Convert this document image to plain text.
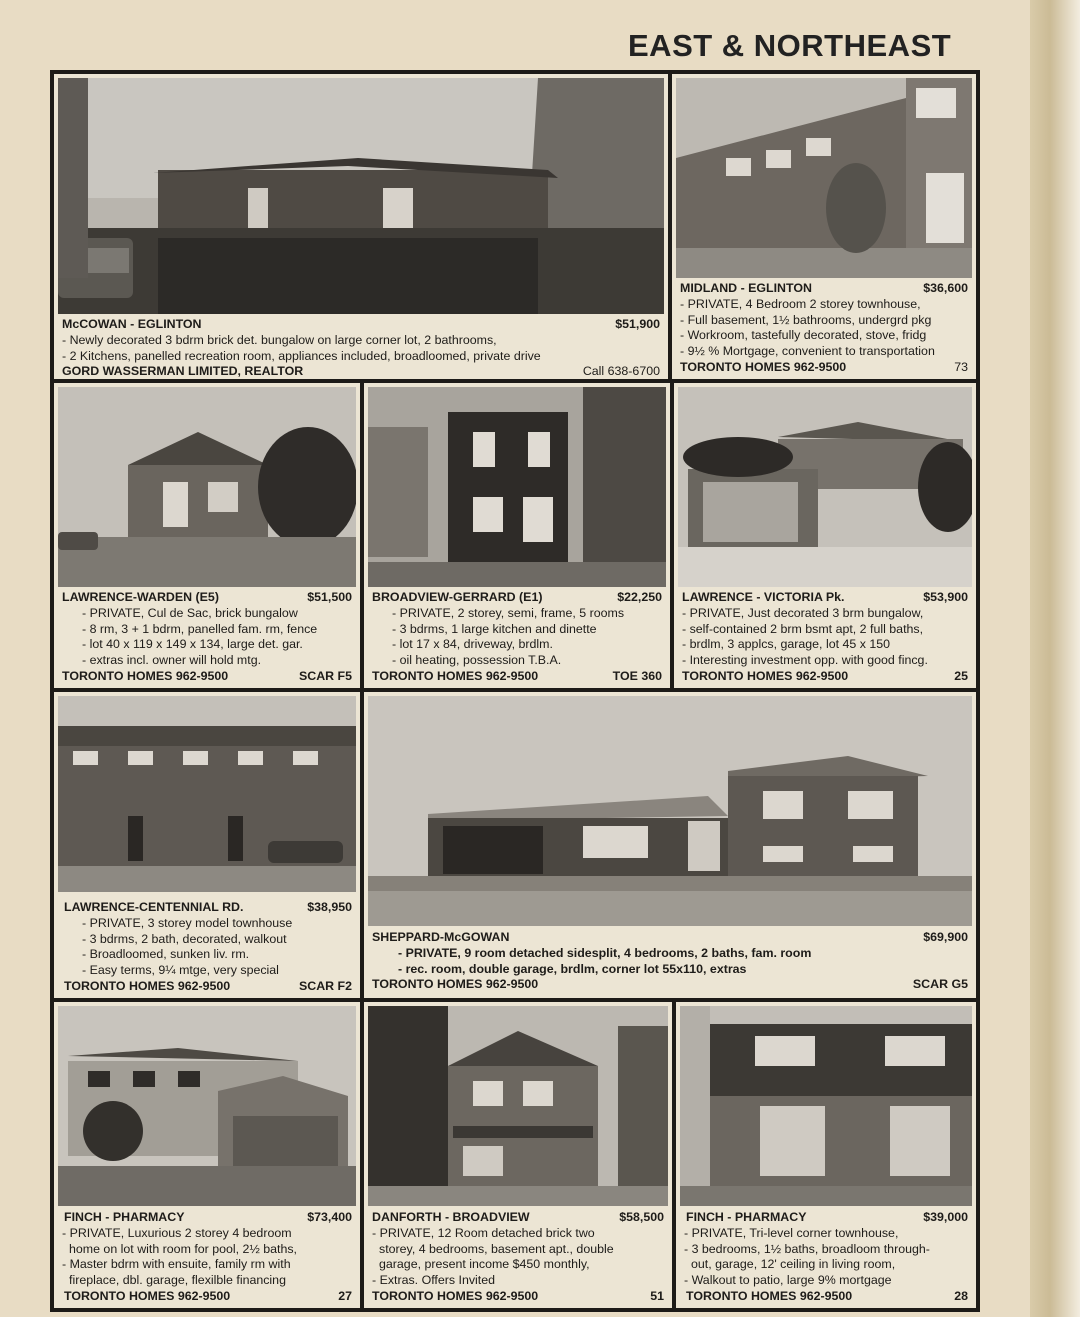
EAST & NORTHEAST
McCOWAN - EGLINTON	$51,900
- Newly decorated 3 bdrm brick det. bungalow on large corner lot, 2 bathrooms,
- 2 Kitchens, panelled recreation room, appliances included, broadloomed, private drive
GORD WASSERMAN LIMITED, REALTOR	Call 638-6700
MIDLAND - EGLINTON	$36,600
- PRIVATE, 4 Bedroom 2 storey townhouse,
- Full basement, 1½ bathrooms, undergrd pkg
- Workroom, tastefully decorated, stove, fridg
- 9½ % Mortgage, convenient to transportation
TORONTO HOMES 962-9500	73
LAWRENCE-WARDEN (E5)	$51,500
- PRIVATE, Cul de Sac, brick bungalow
- 8 rm, 3 + 1 bdrm, panelled fam. rm, fence
- lot 40 x 119 x 149 x 134, large det. gar.
- extras incl. owner will hold mtg.
TORONTO HOMES 962-9500	SCAR F5
BROADVIEW-GERRARD (E1)	$22,250
- PRIVATE, 2 storey, semi, frame, 5 rooms
- 3 bdrms, 1 large kitchen and dinette
- lot 17 x 84, driveway, brdlm.
- oil heating, possession T.B.A.
TORONTO HOMES 962-9500	TOE 360
LAWRENCE - VICTORIA Pk.	$53,900
- PRIVATE, Just decorated 3 brm bungalow,
- self-contained 2 brm bsmt apt, 2 full baths,
- brdlm, 3 applcs, garage, lot 45 x 150
- Interesting investment opp. with good fincg.
TORONTO HOMES 962-9500	25
LAWRENCE-CENTENNIAL RD.	$38,950
- PRIVATE, 3 storey model townhouse
- 3 bdrms, 2 bath, decorated, walkout
- Broadloomed, sunken liv. rm.
- Easy terms, 9¼ mtge, very special
TORONTO HOMES 962-9500	SCAR F2
SHEPPARD-McGOWAN	$69,900
- PRIVATE, 9 room detached sidesplit, 4 bedrooms, 2 baths, fam. room
- rec. room, double garage, brdlm, corner lot 55x110, extras
TORONTO HOMES 962-9500	SCAR G5
FINCH - PHARMACY	$73,400
- PRIVATE, Luxurious 2 storey 4 bedroom
home on lot with room for pool, 2½ baths,
- Master bdrm with ensuite, family rm with
fireplace, dbl. garage, flexilble financing
TORONTO HOMES 962-9500	27
DANFORTH - BROADVIEW	$58,500
- PRIVATE, 12 Room detached brick two
storey, 4 bedrooms, basement apt., double
garage, present income $450 monthly,
- Extras. Offers Invited
TORONTO HOMES 962-9500	51
FINCH - PHARMACY	$39,000
- PRIVATE, Tri-level corner townhouse,
- 3 bedrooms, 1½ baths, broadloom through-
out, garage, 12' ceiling in living room,
- Walkout to patio, large 9% mortgage
TORONTO HOMES 962-9500	28
